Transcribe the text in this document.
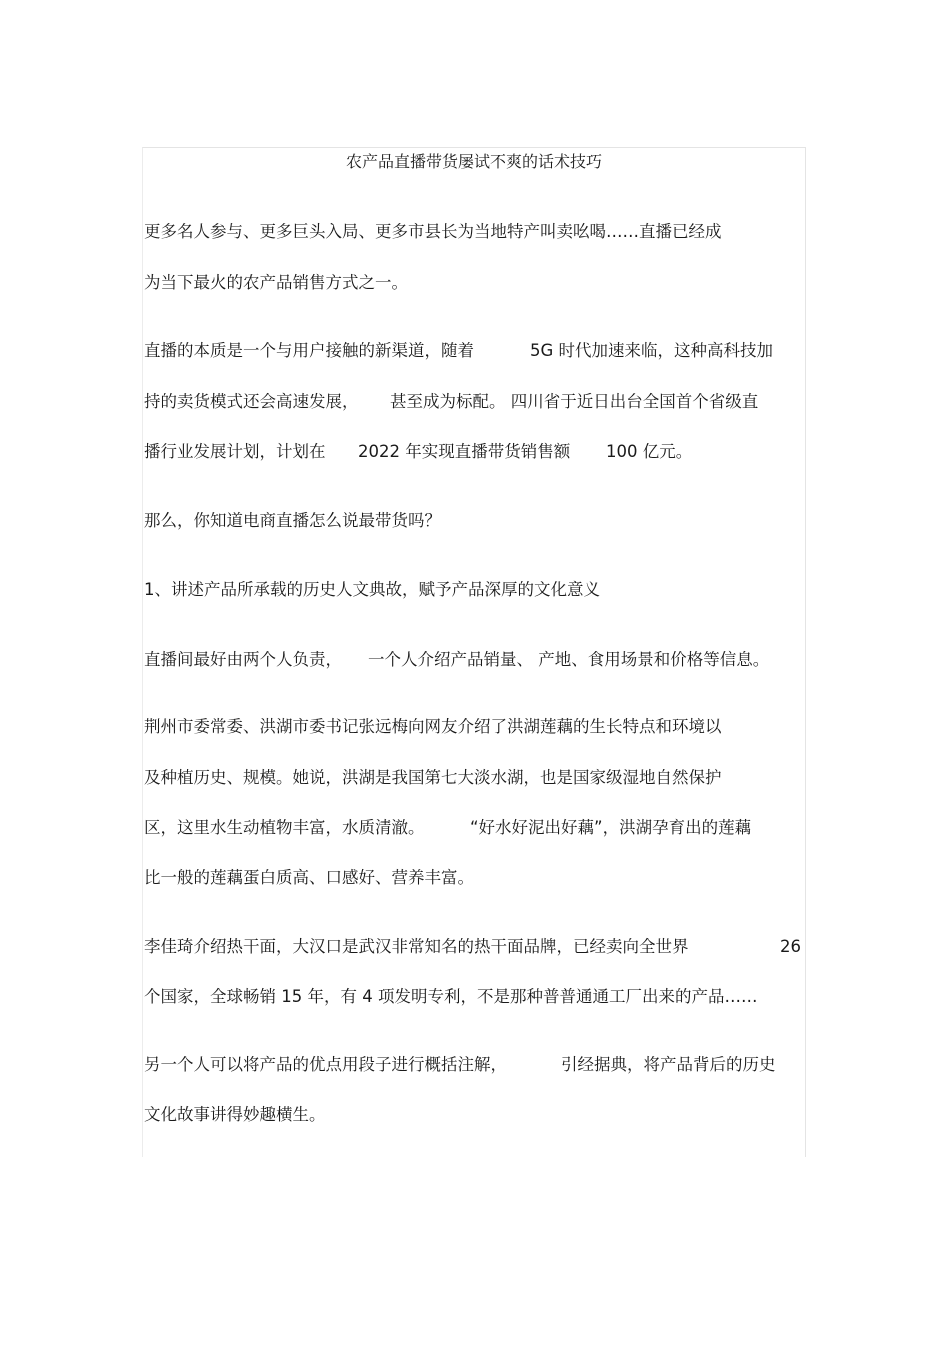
农产品直播带货屡试不爽的话术技巧
更多名人参与、更多巨头入局、更多市县长为当地特产叫卖吆喝……直播已经成
为当下最火的农产品销售方式之一。
直播的本质是一个与用户接触的新渠道，随着	5G 时代加速来临，这种高科技加
持的卖货模式还会高速发展， 甚至成为标配。 四川省于近日出台全国首个省级直
播行业发展计划，计划在 2022 年实现直播带货销售额 100 亿元。
那么，你知道电商直播怎么说最带货吗？
1、讲述产品所承载的历史人文典故，赋予产品深厚的文化意义
直播间最好由两个人负责， 一个人介绍产品销量、 产地、食用场景和价格等信息。
荆州市委常委、洪湖市委书记张远梅向网友介绍了洪湖莲藕的生长特点和环境以
及种植历史、规模。她说，洪湖是我国第七大淡水湖，也是国家级湿地自然保护
区，这里水生动植物丰富，水质清澈。	“好水好泥出好藕”，洪湖孕育出的莲藕
比一般的莲藕蛋白质高、口感好、营养丰富。
李佳琦介绍热干面，大汉口是武汉非常知名的热干面品牌，已经卖向全世界	26
个国家，全球畅销 15 年，有 4 项发明专利，不是那种普普通通工厂出来的产品……
另一个人可以将产品的优点用段子进行概括注解，	引经据典，将产品背后的历史
文化故事讲得妙趣横生。
